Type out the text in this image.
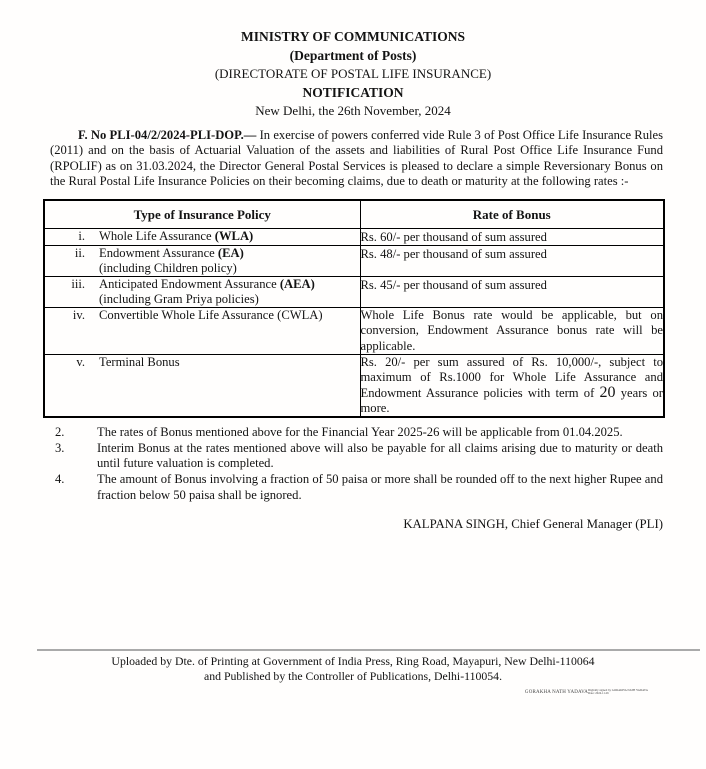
MINISTRY OF COMMUNICATIONS
(Department of Posts)
(DIRECTORATE OF POSTAL LIFE INSURANCE)
NOTIFICATION
New Delhi, the 26th November, 2024

F. No PLI-04/2/2024-PLI-DOP.— In exercise of powers conferred vide Rule 3 of Post Office Life Insurance Rules (2011) and on the basis of Actuarial Valuation of the assets and liabilities of Rural Post Office Life Insurance Fund (RPOLIF) as on 31.03.2024, the Director General Postal Services is pleased to declare a simple Reversionary Bonus on the Rural Postal Life Insurance Policies on their becoming claims, due to death or maturity at the following rates :-

Type of Insurance Policy	Rate of Bonus

i. Whole Life Assurance (WLA)	Rs. 60/- per thousand of sum assured

ii. Endowment Assurance (EA)
(including Children policy)	Rs. 48/- per thousand of sum assured

iii. Anticipated Endowment Assurance (AEA)
(including Gram Priya policies)	Rs. 45/- per thousand of sum assured

iv. Convertible Whole Life Assurance (CWLA)	Whole Life Bonus rate would be applicable, but on conversion, Endowment Assurance bonus rate will be applicable.

v. Terminal Bonus	Rs. 20/- per sum assured of Rs. 10,000/-, subject to maximum of Rs.1000 for Whole Life Assurance and Endowment Assurance policies with term of 20 years or more.
2.	The rates of Bonus mentioned above for the Financial Year 2025-26 will be applicable from 01.04.2025.
3.	Interim Bonus at the rates mentioned above will also be payable for all claims arising due to maturity or death until future valuation is completed.
4.	The amount of Bonus involving a fraction of 50 paisa or more shall be rounded off to the next higher Rupee and fraction below 50 paisa shall be ignored.
KALPANA SINGH, Chief General Manager (PLI)
Uploaded by Dte. of Printing at Government of India Press, Ring Road, Mayapuri, New Delhi-110064
and Published by the Controller of Publications, Delhi-110054.
GORAKHA NATH YADAVA Digitally signed by GORAKHA NATH YADAVA
Date: 2024.11.26
